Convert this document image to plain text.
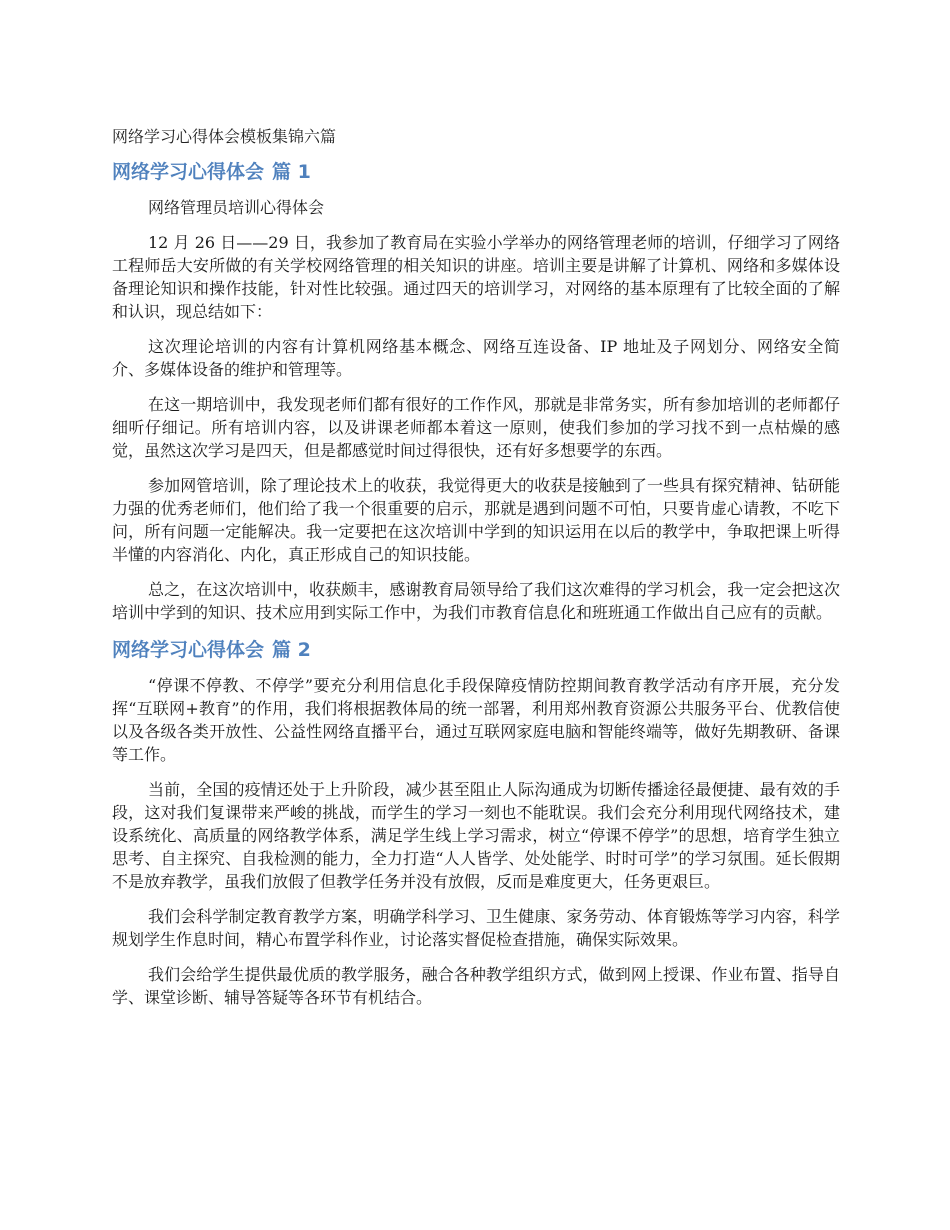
网络学习心得体会模板集锦六篇
网络学习心得体会 篇 1

网络管理员培训心得体会

12 月 26 日——29 日，我参加了教育局在实验小学举办的网络管理老师的培训，仔细学习了网络工程师岳大安所做的有关学校网络管理的相关知识的讲座。培训主要是讲解了计算机、网络和多媒体设备理论知识和操作技能，针对性比较强。通过四天的培训学习，对网络的基本原理有了比较全面的了解和认识，现总结如下：

这次理论培训的内容有计算机网络基本概念、网络互连设备、IP 地址及子网划分、网络安全简介、多媒体设备的维护和管理等。

在这一期培训中，我发现老师们都有很好的工作作风，那就是非常务实，所有参加培训的老师都仔细听仔细记。所有培训内容，以及讲课老师都本着这一原则，使我们参加的学习找不到一点枯燥的感觉，虽然这次学习是四天，但是都感觉时间过得很快，还有好多想要学的东西。

参加网管培训，除了理论技术上的收获，我觉得更大的收获是接触到了一些具有探究精神、钻研能力强的优秀老师们，他们给了我一个很重要的启示，那就是遇到问题不可怕，只要肯虚心请教，不吃下问，所有问题一定能解决。我一定要把在这次培训中学到的知识运用在以后的教学中，争取把课上听得半懂的内容消化、内化，真正形成自己的知识技能。

总之，在这次培训中，收获颇丰，感谢教育局领导给了我们这次难得的学习机会，我一定会把这次培训中学到的知识、技术应用到实际工作中，为我们市教育信息化和班班通工作做出自己应有的贡献。

网络学习心得体会 篇 2

“停课不停教、不停学”要充分利用信息化手段保障疫情防控期间教育教学活动有序开展，充分发挥“互联网+教育”的作用，我们将根据教体局的统一部署，利用郑州教育资源公共服务平台、优教信使以及各级各类开放性、公益性网络直播平台，通过互联网家庭电脑和智能终端等，做好先期教研、备课等工作。

当前，全国的疫情还处于上升阶段，减少甚至阻止人际沟通成为切断传播途径最便捷、最有效的手段，这对我们复课带来严峻的挑战，而学生的学习一刻也不能耽误。我们会充分利用现代网络技术，建设系统化、高质量的网络教学体系，满足学生线上学习需求，树立“停课不停学”的思想，培育学生独立思考、自主探究、自我检测的能力，全力打造“人人皆学、处处能学、时时可学”的学习氛围。延长假期不是放弃教学，虽我们放假了但教学任务并没有放假，反而是难度更大，任务更艰巨。

我们会科学制定教育教学方案，明确学科学习、卫生健康、家务劳动、体育锻炼等学习内容，科学规划学生作息时间，精心布置学科作业，讨论落实督促检查措施，确保实际效果。

我们会给学生提供最优质的教学服务，融合各种教学组织方式，做到网上授课、作业布置、指导自学、课堂诊断、辅导答疑等各环节有机结合。
